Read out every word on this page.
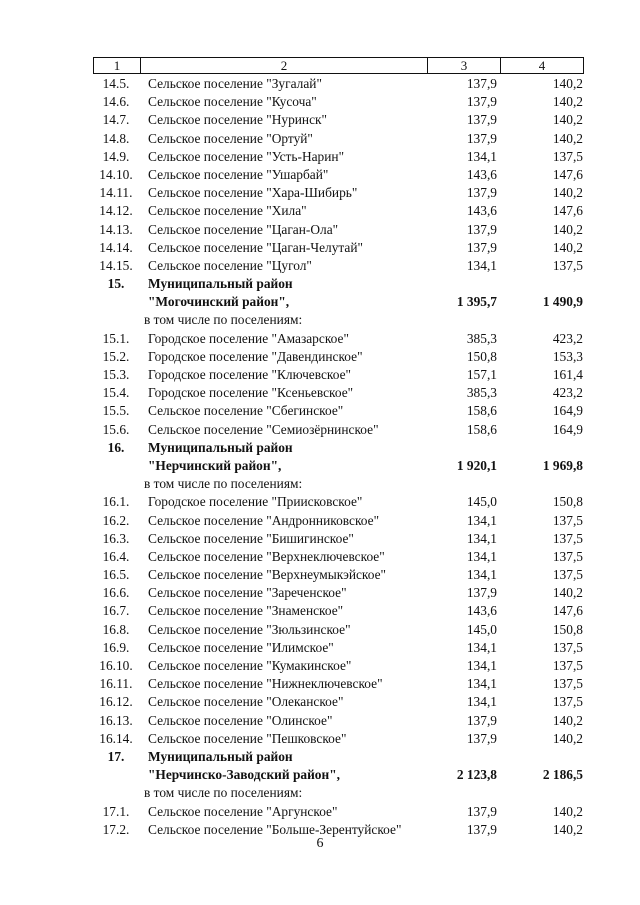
1	2	3	4
14.5.	Сельское поселение "Зугалай"	137,9	140,2
14.6.	Сельское поселение "Кусоча"	137,9	140,2
14.7.	Сельское поселение "Нуринск"	137,9	140,2
14.8.	Сельское поселение "Ортуй"	137,9	140,2
14.9.	Сельское поселение "Усть-Нарин"	134,1	137,5
14.10.	Сельское поселение "Ушарбай"	143,6	147,6
14.11.	Сельское поселение "Хара-Шибирь"	137,9	140,2
14.12.	Сельское поселение "Хила"	143,6	147,6
14.13.	Сельское поселение "Цаган-Ола"	137,9	140,2
14.14.	Сельское поселение "Цаган-Челутай"	137,9	140,2
14.15.	Сельское поселение "Цугол"	134,1	137,5
15.	Муниципальный район
"Могочинский район",	1 395,7	1 490,9
в том числе по поселениям:
15.1.	Городское поселение "Амазарское"	385,3	423,2
15.2.	Городское поселение "Давендинское"	150,8	153,3
15.3.	Городское поселение "Ключевское"	157,1	161,4
15.4.	Городское поселение "Ксеньевское"	385,3	423,2
15.5.	Сельское поселение "Сбегинское"	158,6	164,9
15.6.	Сельское поселение "Семиозёрнинское"	158,6	164,9
16.	Муниципальный район
"Нерчинский район",	1 920,1	1 969,8
в том числе по поселениям:
16.1.	Городское поселение "Приисковское"	145,0	150,8
16.2.	Сельское поселение "Андронниковское"	134,1	137,5
16.3.	Сельское поселение "Бишигинское"	134,1	137,5
16.4.	Сельское поселение "Верхнеключевское"	134,1	137,5
16.5.	Сельское поселение "Верхнеумыкэйское"	134,1	137,5
16.6.	Сельское поселение "Зареченское"	137,9	140,2
16.7.	Сельское поселение "Знаменское"	143,6	147,6
16.8.	Сельское поселение "Зюльзинское"	145,0	150,8
16.9.	Сельское поселение "Илимское"	134,1	137,5
16.10.	Сельское поселение "Кумакинское"	134,1	137,5
16.11.	Сельское поселение "Нижнеключевское"	134,1	137,5
16.12.	Сельское поселение "Олеканское"	134,1	137,5
16.13.	Сельское поселение "Олинское"	137,9	140,2
16.14.	Сельское поселение "Пешковское"	137,9	140,2
17.	Муниципальный район
"Нерчинско-Заводский район",	2 123,8	2 186,5
в том числе по поселениям:
17.1.	Сельское поселение "Аргунское"	137,9	140,2
17.2.	Сельское поселение "Больше-Зерентуйское"	137,9	140,2
6
